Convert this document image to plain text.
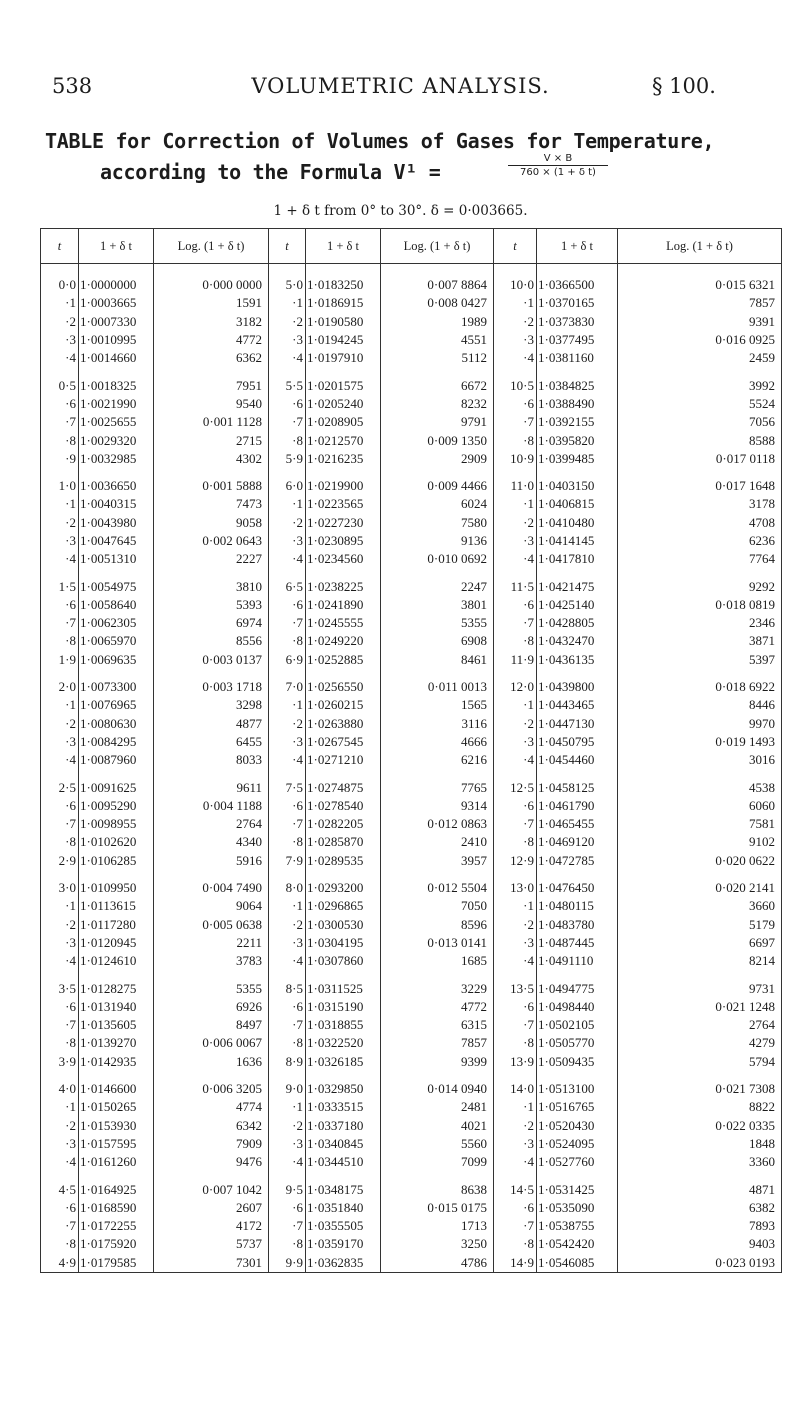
538	VOLUMETRIC ANALYSIS.	§ 100.
TABLE for Correction of Volumes of Gases for Temperature,
according to the Formula V¹ =	$\frac{V \times B}{\text{760 × (1 + δ t)}}$
1 + δ t from 0° to 30°. δ = 0·003665.
t	1 + δ t	Log. (1 + δ t)	t	1 + δ t	Log. (1 + δ t)	t	1 + δ t	Log. (1 + δ t)
0·0	1·0000000	0·000 0000	5·0	1·0183250	0·007 8864	10·0	1·0366500	0·015 6321
·1	1·0003665	1591	·1	1·0186915	0·008 0427	·1	1·0370165	7857
·2	1·0007330	3182	·2	1·0190580	1989	·2	1·0373830	9391
·3	1·0010995	4772	·3	1·0194245	4551	·3	1·0377495	0·016 0925
·4	1·0014660	6362	·4	1·0197910	5112	·4	1·0381160	2459
0·5	1·0018325	7951	5·5	1·0201575	6672	10·5	1·0384825	3992
·6	1·0021990	9540	·6	1·0205240	8232	·6	1·0388490	5524
·7	1·0025655	0·001 1128	·7	1·0208905	9791	·7	1·0392155	7056
·8	1·0029320	2715	·8	1·0212570	0·009 1350	·8	1·0395820	8588
·9	1·0032985	4302	5·9	1·0216235	2909	10·9	1·0399485	0·017 0118
1·0	1·0036650	0·001 5888	6·0	1·0219900	0·009 4466	11·0	1·0403150	0·017 1648
·1	1·0040315	7473	·1	1·0223565	6024	·1	1·0406815	3178
·2	1·0043980	9058	·2	1·0227230	7580	·2	1·0410480	4708
·3	1·0047645	0·002 0643	·3	1·0230895	9136	·3	1·0414145	6236
·4	1·0051310	2227	·4	1·0234560	0·010 0692	·4	1·0417810	7764
1·5	1·0054975	3810	6·5	1·0238225	2247	11·5	1·0421475	9292
·6	1·0058640	5393	·6	1·0241890	3801	·6	1·0425140	0·018 0819
·7	1·0062305	6974	·7	1·0245555	5355	·7	1·0428805	2346
·8	1·0065970	8556	·8	1·0249220	6908	·8	1·0432470	3871
1·9	1·0069635	0·003 0137	6·9	1·0252885	8461	11·9	1·0436135	5397
2·0	1·0073300	0·003 1718	7·0	1·0256550	0·011 0013	12·0	1·0439800	0·018 6922
·1	1·0076965	3298	·1	1·0260215	1565	·1	1·0443465	8446
·2	1·0080630	4877	·2	1·0263880	3116	·2	1·0447130	9970
·3	1·0084295	6455	·3	1·0267545	4666	·3	1·0450795	0·019 1493
·4	1·0087960	8033	·4	1·0271210	6216	·4	1·0454460	3016
2·5	1·0091625	9611	7·5	1·0274875	7765	12·5	1·0458125	4538
·6	1·0095290	0·004 1188	·6	1·0278540	9314	·6	1·0461790	6060
·7	1·0098955	2764	·7	1·0282205	0·012 0863	·7	1·0465455	7581
·8	1·0102620	4340	·8	1·0285870	2410	·8	1·0469120	9102
2·9	1·0106285	5916	7·9	1·0289535	3957	12·9	1·0472785	0·020 0622
3·0	1·0109950	0·004 7490	8·0	1·0293200	0·012 5504	13·0	1·0476450	0·020 2141
·1	1·0113615	9064	·1	1·0296865	7050	·1	1·0480115	3660
·2	1·0117280	0·005 0638	·2	1·0300530	8596	·2	1·0483780	5179
·3	1·0120945	2211	·3	1·0304195	0·013 0141	·3	1·0487445	6697
·4	1·0124610	3783	·4	1·0307860	1685	·4	1·0491110	8214
3·5	1·0128275	5355	8·5	1·0311525	3229	13·5	1·0494775	9731
·6	1·0131940	6926	·6	1·0315190	4772	·6	1·0498440	0·021 1248
·7	1·0135605	8497	·7	1·0318855	6315	·7	1·0502105	2764
·8	1·0139270	0·006 0067	·8	1·0322520	7857	·8	1·0505770	4279
3·9	1·0142935	1636	8·9	1·0326185	9399	13·9	1·0509435	5794
4·0	1·0146600	0·006 3205	9·0	1·0329850	0·014 0940	14·0	1·0513100	0·021 7308
·1	1·0150265	4774	·1	1·0333515	2481	·1	1·0516765	8822
·2	1·0153930	6342	·2	1·0337180	4021	·2	1·0520430	0·022 0335
·3	1·0157595	7909	·3	1·0340845	5560	·3	1·0524095	1848
·4	1·0161260	9476	·4	1·0344510	7099	·4	1·0527760	3360
4·5	1·0164925	0·007 1042	9·5	1·0348175	8638	14·5	1·0531425	4871
·6	1·0168590	2607	·6	1·0351840	0·015 0175	·6	1·0535090	6382
·7	1·0172255	4172	·7	1·0355505	1713	·7	1·0538755	7893
·8	1·0175920	5737	·8	1·0359170	3250	·8	1·0542420	9403
4·9	1·0179585	7301	9·9	1·0362835	4786	14·9	1·0546085	0·023 0193
